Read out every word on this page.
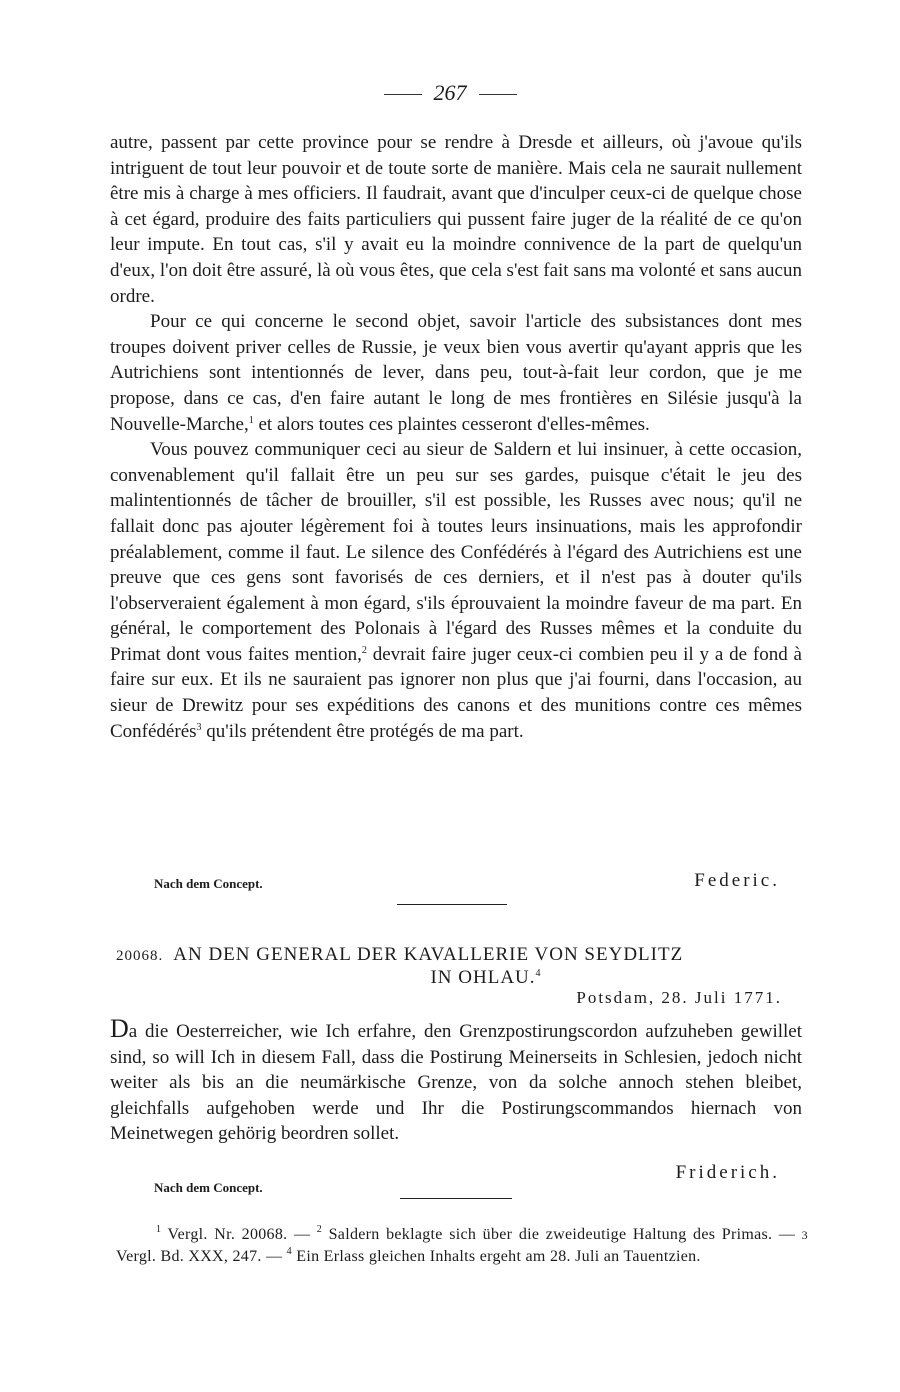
267

autre, passent par cette province pour se rendre à Dresde et ailleurs, où j'avoue qu'ils intriguent de tout leur pouvoir et de toute sorte de manière. Mais cela ne saurait nullement être mis à charge à mes officiers. Il faudrait, avant que d'inculper ceux-ci de quelque chose à cet égard, produire des faits particuliers qui pussent faire juger de la réalité de ce qu'on leur impute. En tout cas, s'il y avait eu la moindre connivence de la part de quelqu'un d'eux, l'on doit être assuré, là où vous êtes, que cela s'est fait sans ma volonté et sans aucun ordre.

Pour ce qui concerne le second objet, savoir l'article des subsistances dont mes troupes doivent priver celles de Russie, je veux bien vous avertir qu'ayant appris que les Autrichiens sont intentionnés de lever, dans peu, tout-à-fait leur cordon, que je me propose, dans ce cas, d'en faire autant le long de mes frontières en Silésie jusqu'à la Nouvelle-Marche,$^1$ et alors toutes ces plaintes cesseront d'elles-mêmes.

Vous pouvez communiquer ceci au sieur de Saldern et lui insinuer, à cette occasion, convenablement qu'il fallait être un peu sur ses gardes, puisque c'était le jeu des malintentionnés de tâcher de brouiller, s'il est possible, les Russes avec nous; qu'il ne fallait donc pas ajouter légèrement foi à toutes leurs insinuations, mais les approfondir préalablement, comme il faut. Le silence des Confédérés à l'égard des Autrichiens est une preuve que ces gens sont favorisés de ces derniers, et il n'est pas à douter qu'ils l'observeraient également à mon égard, s'ils éprouvaient la moindre faveur de ma part. En général, le comportement des Polonais à l'égard des Russes mêmes et la conduite du Primat dont vous faites mention,$^2$ devrait faire juger ceux-ci combien peu il y a de fond à faire sur eux. Et ils ne sauraient pas ignorer non plus que j'ai fourni, dans l'occasion, au sieur de Drewitz pour ses expéditions des canons et des munitions contre ces mêmes Confédérés$^3$ qu'ils prétendent être protégés de ma part.

Nach dem Concept.	Federic.
20068. AN DEN GENERAL DER KAVALLERIE VON SEYDLITZ
IN OHLAU.$^4$
Potsdam, 28. Juli 1771.

Da die Oesterreicher, wie Ich erfahre, den Grenzpostirungscordon aufzuheben gewillet sind, so will Ich in diesem Fall, dass die Postirung Meinerseits in Schlesien, jedoch nicht weiter als bis an die neumärkische Grenze, von da solche annoch stehen bleibet, gleichfalls aufgehoben werde und Ihr die Postirungscommandos hiernach von Meinetwegen gehörig beordren sollet.

Nach dem Concept.
Friderich.

$^1$ Vergl. Nr. 20068. — $^2$ Saldern beklagte sich über die zweideutige Haltung des Primas. — 3 Vergl. Bd. XXX, 247. — $^4$ Ein Erlass gleichen Inhalts ergeht am 28. Juli an Tauentzien.
